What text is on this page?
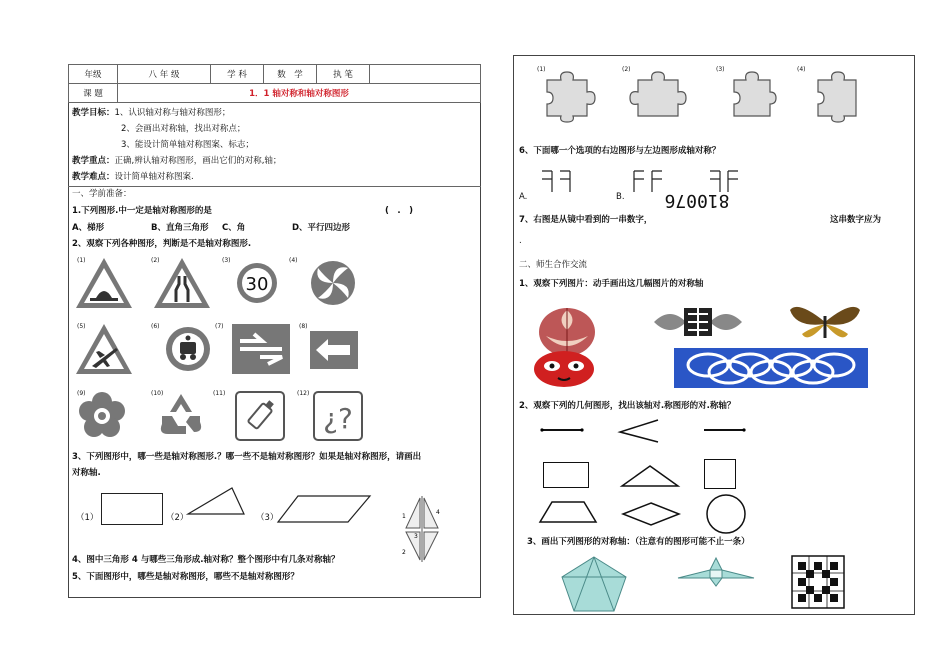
年级	八 年 级	学 科	数　学	执 笔	
课 题	1．1 轴对称和轴对称图形				
教学目标：1、认识轴对称与轴对称图形；
2、会画出对称轴，找出对称点；
3、能设计简单轴对称图案、标志；
教学重点：正确,辨认轴对称图形，画出它们的对称,轴；
教学难点：设计简单轴对称图案.
一、学前准备：
1.下列图形.中一定是轴对称图形的是	(　.　)
A、梯形	B、直角三角形 C、角	D、平行四边形
2、观察下列各种图形，判断是不是轴对称图形.
(1)	(2)	(3)	(4)
(5)	(6)	(7)	(8)
(9)	(10)	(11)	(12)
30
¿?
3、下列图形中，哪一些是轴对称图形.？哪一些不是轴对称图形？如果是轴对称图形，请画出
对称轴.
（1）	（2）	（3）	1
4
2
3
4、图中三角形 4 与哪些三角形成.轴对称？整个图形中有几条对称轴？
5、下面图形中，哪些是轴对称图形，哪些不是轴对称图形？
(1)	(2)	(3)	(4)
6、下面哪一个选项的右边图形与左边图形成轴对称？
A.	B. 810076
7、右图是从镜中看到的一串数字，	这串数字应为
.
二、师生合作交流
1、观察下列图片：动手画出这几幅图片的对称轴
2、观察下列的几何图形，找出该轴对.称图形的对.称轴？
3、画出下列图形的对称轴：（注意有的图形可能不止一条）
